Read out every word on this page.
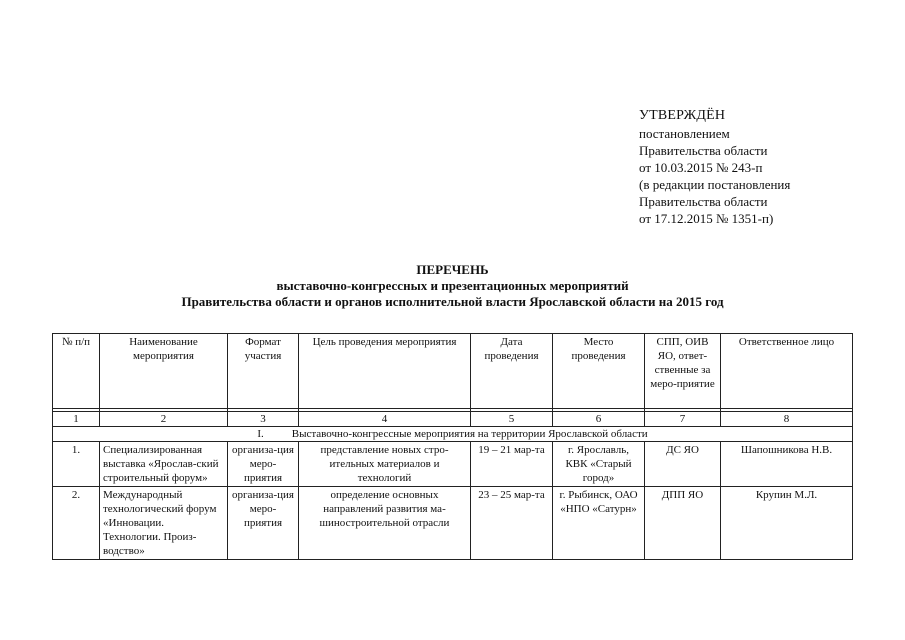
УТВЕРЖДЁН
постановлением
Правительства области
от 10.03.2015 № 243-п
(в редакции постановления
Правительства области
от 17.12.2015 № 1351-п)
ПЕРЕЧЕНЬ
выставочно-конгрессных и презентационных мероприятий
Правительства области и органов исполнительной власти Ярославской области на 2015 год
№ п/п	Наименование мероприятия	Формат участия	Цель проведения мероприятия	Дата проведения	Место проведения	СПП, ОИВ ЯО, ответ-ственные за меро-приятие	Ответственное лицо

1	2	3	4	5	6	7	8
I. Выставочно-конгрессные мероприятия на территории Ярославской области							
1.	Специализированная выставка «Ярослав-ский строительный форум»	организа-ция меро-приятия	представление новых стро-ительных материалов и технологий	19 – 21 мар-та	г. Ярославль, КВК «Старый город»	ДС ЯО	Шапошникова Н.В.
2.	Международный технологический форум «Инновации. Технологии. Произ-водство»	организа-ция меро-приятия	определение основных направлений развития ма-шиностроительной отрасли	23 – 25 мар-та	г. Рыбинск, ОАО «НПО «Сатурн»	ДПП ЯО	Крупин М.Л.
